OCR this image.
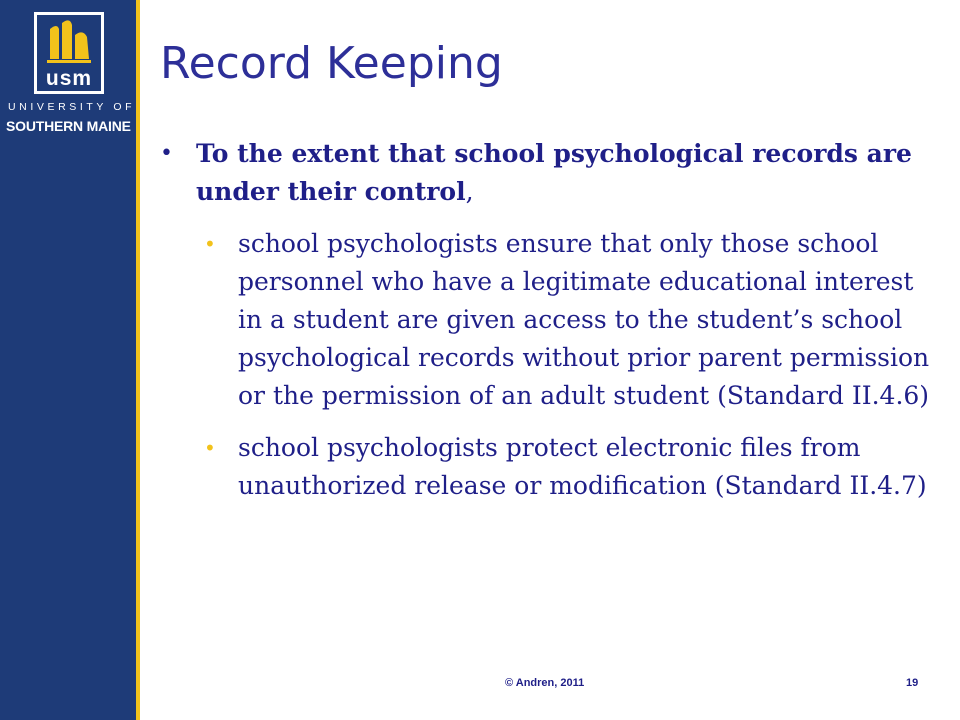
usm
UNIVERSITY OF
SOUTHERN MAINE
Record Keeping
• To the extent that school psychological records are under their control,
• school psychologists ensure that only those school personnel who have a legitimate educational interest in a student are given access to the student’s school psychological records without prior parent permission or the permission of an adult student (Standard II.4.6)
• school psychologists protect electronic files from unauthorized release or modification (Standard II.4.7)
© Andren, 2011	19
